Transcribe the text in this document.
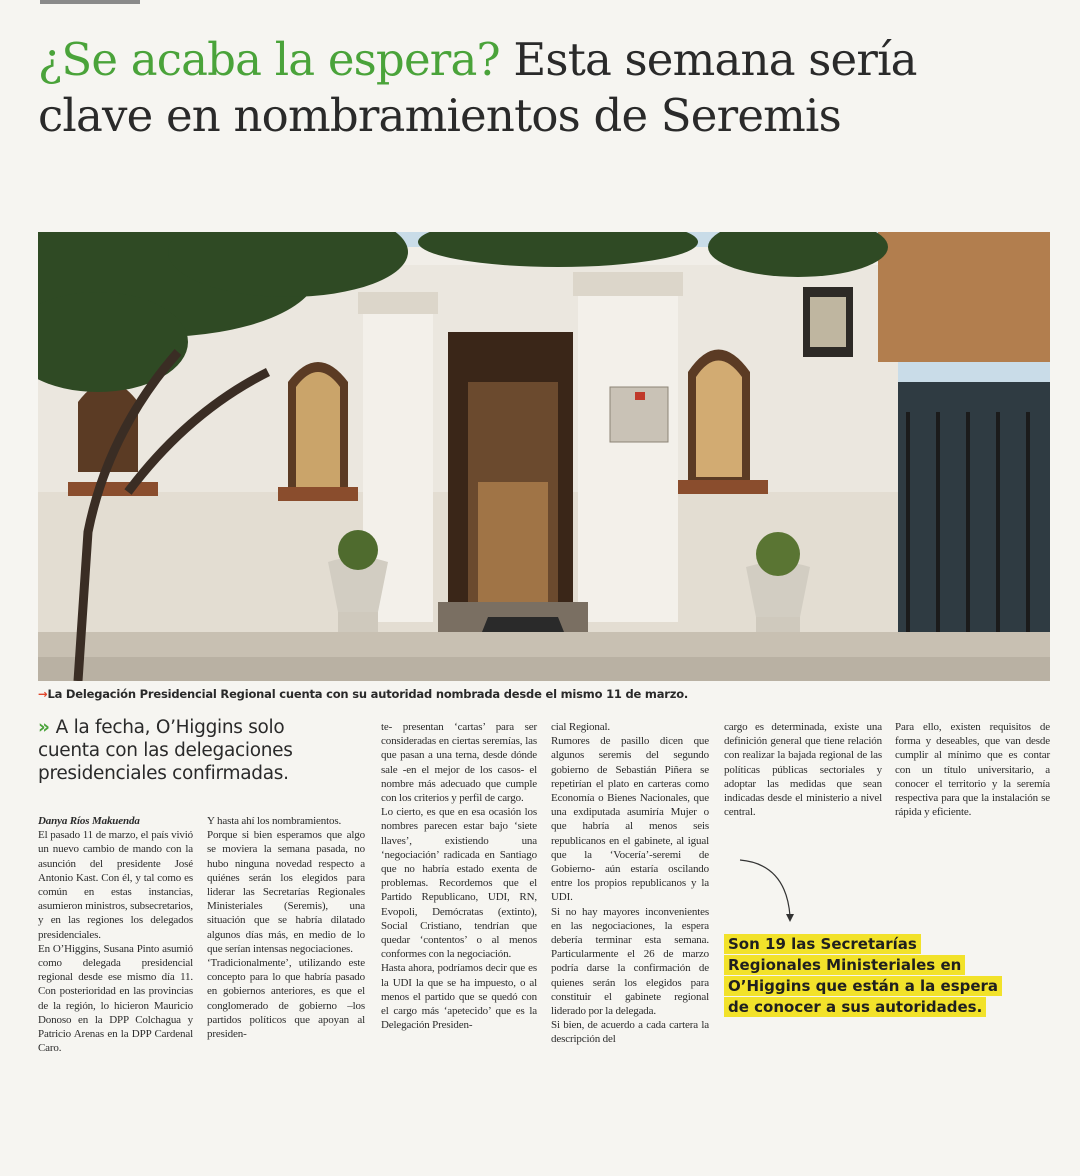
¿Se acaba la espera? Esta semana sería clave en nombramientos de Seremis
→La Delegación Presidencial Regional cuenta con su autoridad nombrada desde el mismo 11 de marzo.
» A la fecha, O’Higgins solo cuenta con las delegaciones presidenciales confirmadas.

Danya Ríos Makuenda

El pasado 11 de marzo, el país vivió un nuevo cambio de mando con la asunción del presidente José Antonio Kast. Con él, y tal como es común en estas instancias, asumieron ministros, subsecretarios, y en las regiones los delegados presidenciales.

En O’Higgins, Susana Pinto asumió como delegada presidencial regional desde ese mismo día 11. Con posterioridad en las provincias de la región, lo hicieron Mauricio Donoso en la DPP Colchagua y Patricio Arenas en la DPP Cardenal Caro.

Y hasta ahí los nombramientos.

Porque si bien esperamos que algo se moviera la semana pasada, no hubo ninguna novedad respecto a quiénes serán los elegidos para liderar las Secretarías Regionales Ministeriales (Seremis), una situación que se habría dilatado algunos días más, en medio de lo que serían intensas negociaciones.

‘Tradicionalmente’, utilizando este concepto para lo que habría pasado en gobiernos anteriores, es que el conglomerado de gobierno –los partidos políticos que apoyan al presiden-

te- presentan ‘cartas’ para ser consideradas en ciertas seremías, las que pasan a una terna, desde dónde sale -en el mejor de los casos- el nombre más adecuado que cumple con los criterios y perfil de cargo.

Lo cierto, es que en esa ocasión los nombres parecen estar bajo ‘siete llaves’, existiendo una ‘negociación’ radicada en Santiago que no habría estado exenta de problemas. Recordemos que el Partido Republicano, UDI, RN, Evopoli, Demócratas (extinto), Social Cristiano, tendrían que quedar ‘contentos’ o al menos conformes con la negociación.

Hasta ahora, podríamos decir que es la UDI la que se ha impuesto, o al menos el partido que se quedó con el cargo más ‘apetecido’ que es la Delegación Presiden-

cial Regional.

Rumores de pasillo dicen que algunos seremis del segundo gobierno de Sebastián Piñera se repetirían el plato en carteras como Economía o Bienes Nacionales, que una exdiputada asumiría Mujer o que habría al menos seis republicanos en el gabinete, al igual que la ‘Vocería’-seremi de Gobierno- aún estaría oscilando entre los propios republicanos y la UDI.

Si no hay mayores inconvenientes en las negociaciones, la espera debería terminar esta semana. Particularmente el 26 de marzo podría darse la confirmación de quienes serán los elegidos para constituir el gabinete regional liderado por la delegada.

Si bien, de acuerdo a cada cartera la descripción del

cargo es determinada, existe una definición general que tiene relación con realizar la bajada regional de las políticas públicas sectoriales y adoptar las medidas que sean indicadas desde el ministerio a nivel central.

Para ello, existen requisitos de forma y deseables, que van desde cumplir al mínimo que es contar con un título universitario, a conocer el territorio y la seremía respectiva para que la instalación se rápida y eficiente.

Son 19 las Secretarías Regionales Ministeriales en O’Higgins que están a la espera de conocer a sus autoridades.
